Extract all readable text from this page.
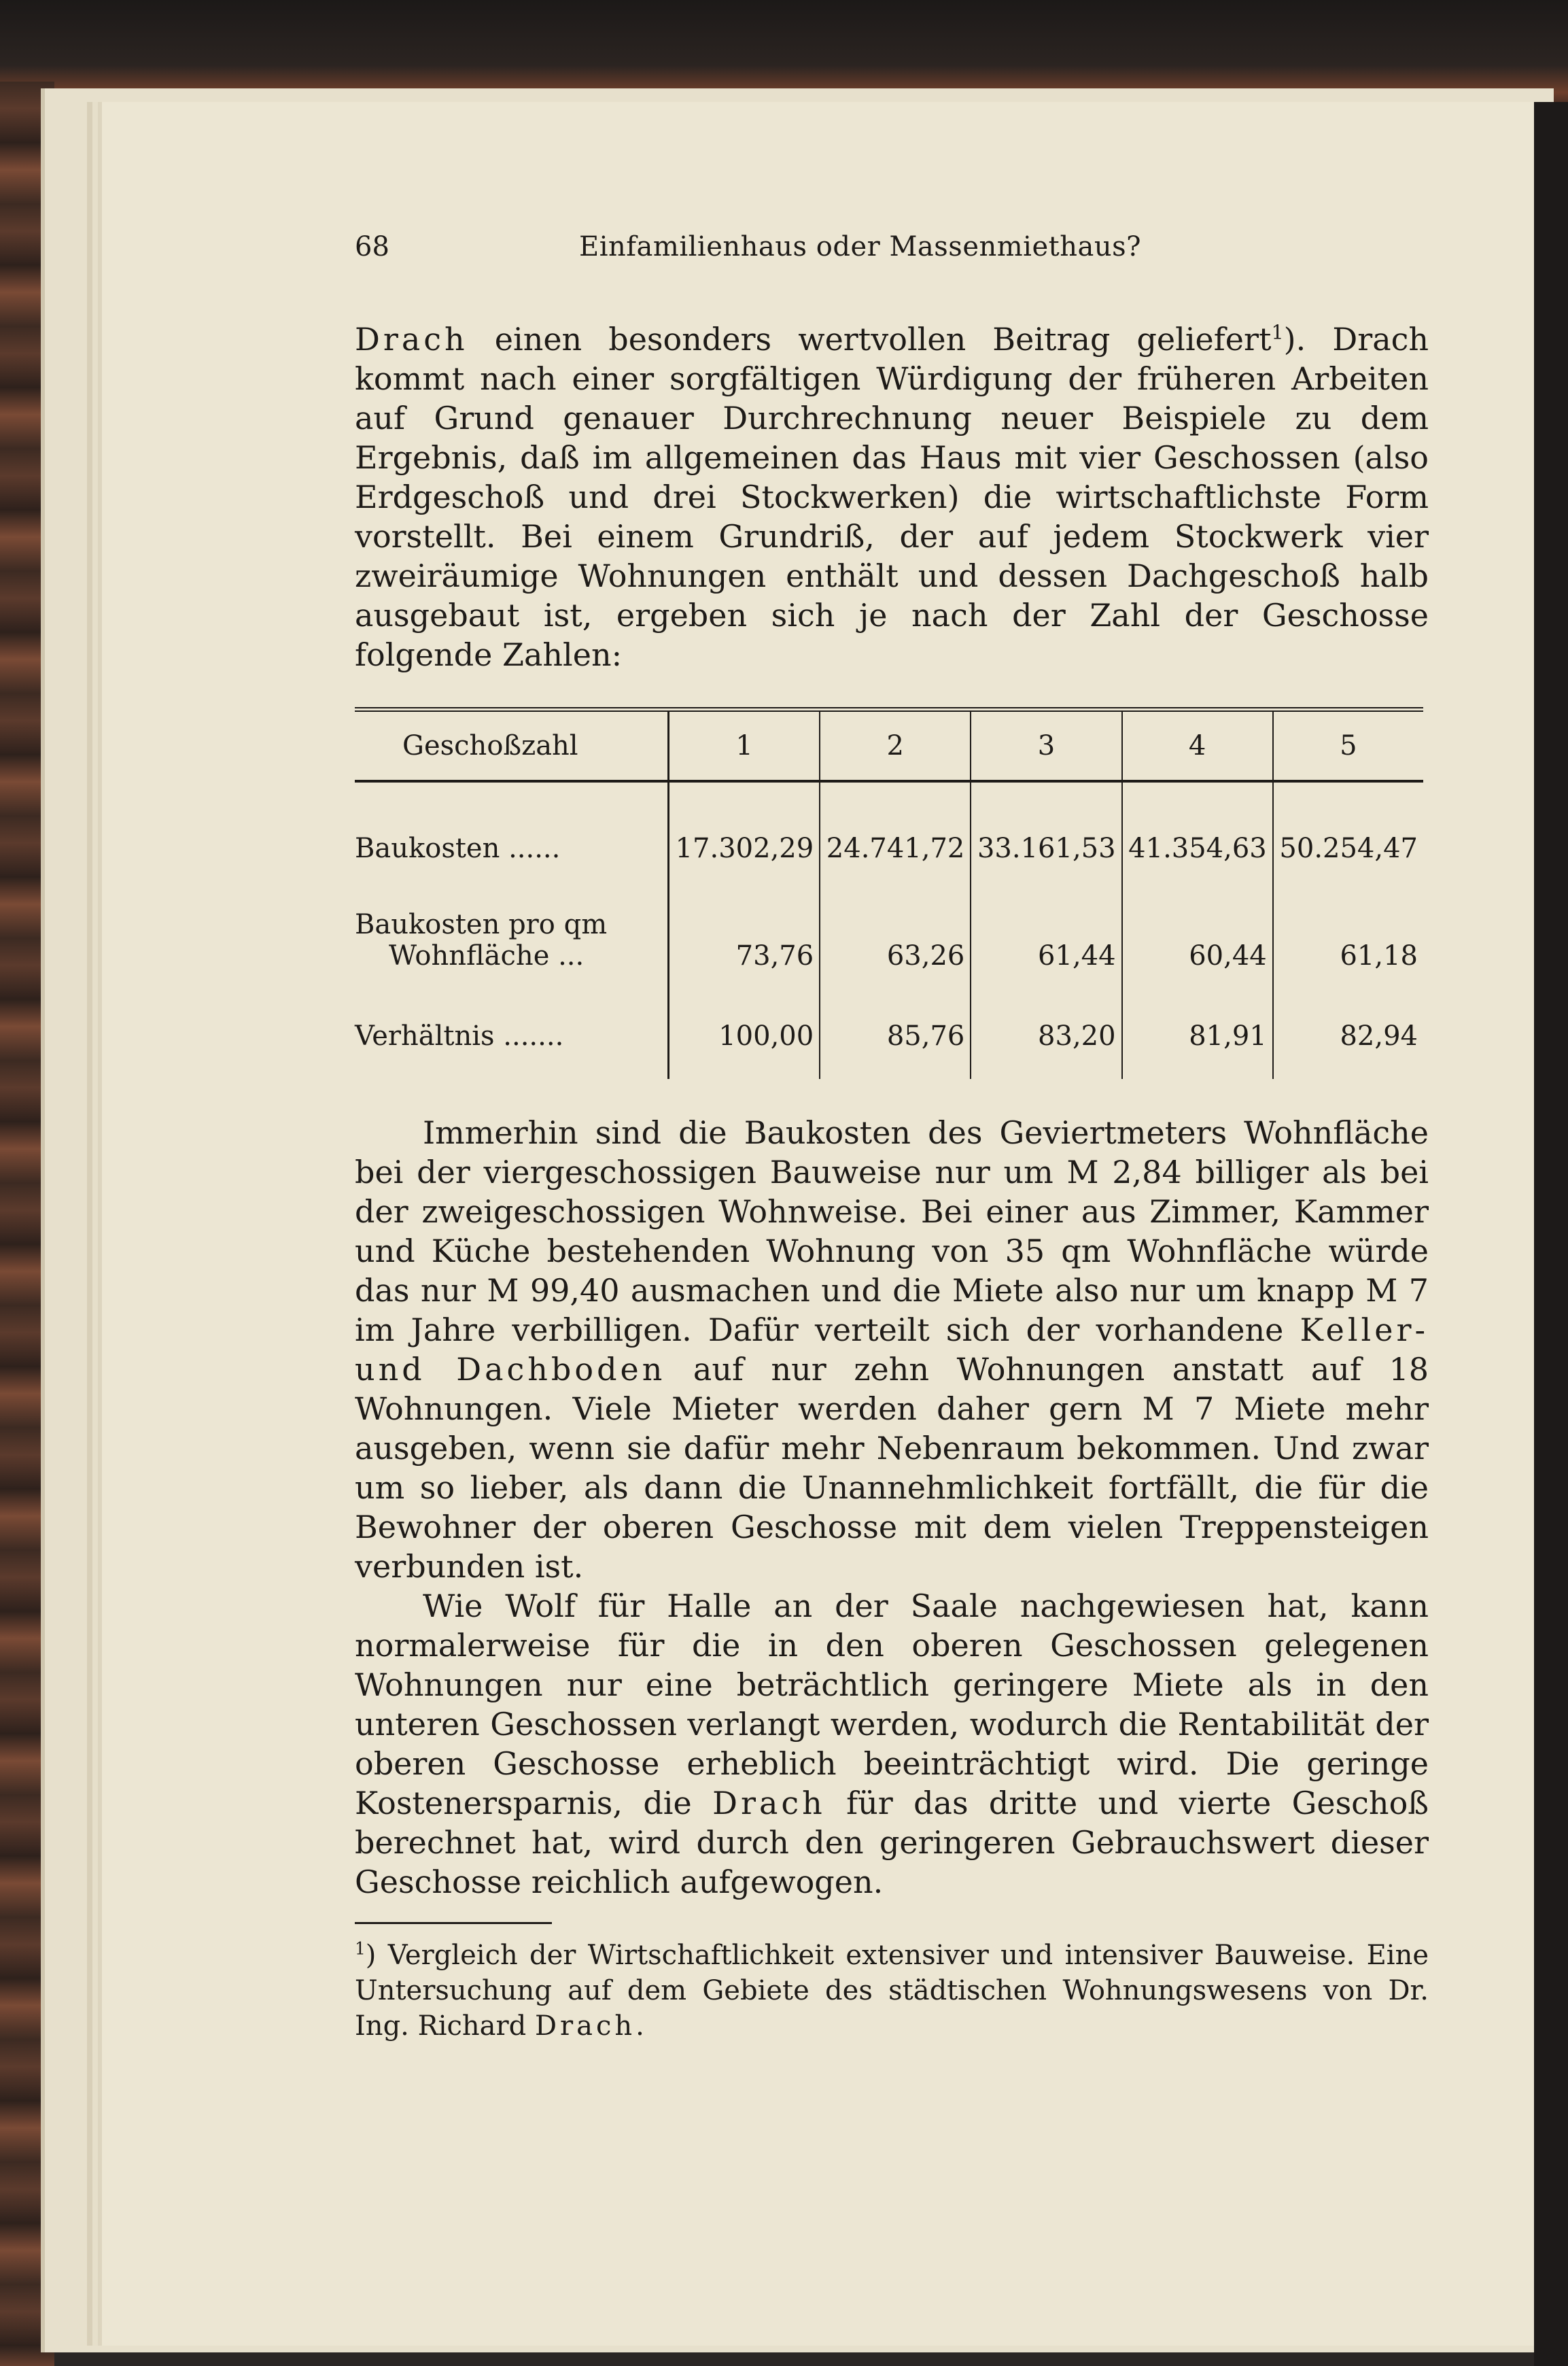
68	Einfamilienhaus oder Massenmiethaus?

Drach einen besonders wertvollen Beitrag geliefert$^1$). Drach kommt nach einer sorgfältigen Würdigung der früheren Arbeiten auf Grund genauer Durchrechnung neuer Beispiele zu dem Ergebnis, daß im allgemeinen das Haus mit vier Geschossen (also Erdgeschoß und drei Stockwerken) die wirtschaftlichste Form vorstellt. Bei einem Grundriß, der auf jedem Stockwerk vier zweiräumige Wohnungen enthält und dessen Dachgeschoß halb ausgebaut ist, ergeben sich je nach der Zahl der Geschosse folgende Zahlen:

Geschoßzahl	1	2	3	4	5
Baukosten ......	17.302,29	24.741,72	33.161,53	41.354,63	50.254,47
Baukosten pro qm
Wohnfläche ...	73,76	63,26	61,44	60,44	61,18
Verhältnis .......	100,00	85,76	83,20	81,91	82,94

Immerhin sind die Baukosten des Geviertmeters Wohnfläche bei der viergeschossigen Bauweise nur um M 2,84 billiger als bei der zweigeschossigen Wohnweise. Bei einer aus Zimmer, Kammer und Küche bestehenden Wohnung von 35 qm Wohnfläche würde das nur M 99,40 ausmachen und die Miete also nur um knapp M 7 im Jahre verbilligen. Dafür verteilt sich der vorhandene Keller- und Dachboden auf nur zehn Wohnungen anstatt auf 18 Wohnungen. Viele Mieter werden daher gern M 7 Miete mehr ausgeben, wenn sie dafür mehr Nebenraum bekommen. Und zwar um so lieber, als dann die Unannehmlichkeit fortfällt, die für die Bewohner der oberen Geschosse mit dem vielen Treppensteigen verbunden ist.

Wie Wolf für Halle an der Saale nachgewiesen hat, kann normalerweise für die in den oberen Geschossen gelegenen Wohnungen nur eine beträchtlich geringere Miete als in den unteren Geschossen verlangt werden, wodurch die Rentabilität der oberen Geschosse erheblich beeinträchtigt wird. Die geringe Kostenersparnis, die Drach für das dritte und vierte Geschoß berechnet hat, wird durch den geringeren Gebrauchswert dieser Geschosse reichlich aufgewogen.

$^1$) Vergleich der Wirtschaftlichkeit extensiver und intensiver Bauweise. Eine Untersuchung auf dem Gebiete des städtischen Wohnungswesens von Dr. Ing. Richard Drach.
